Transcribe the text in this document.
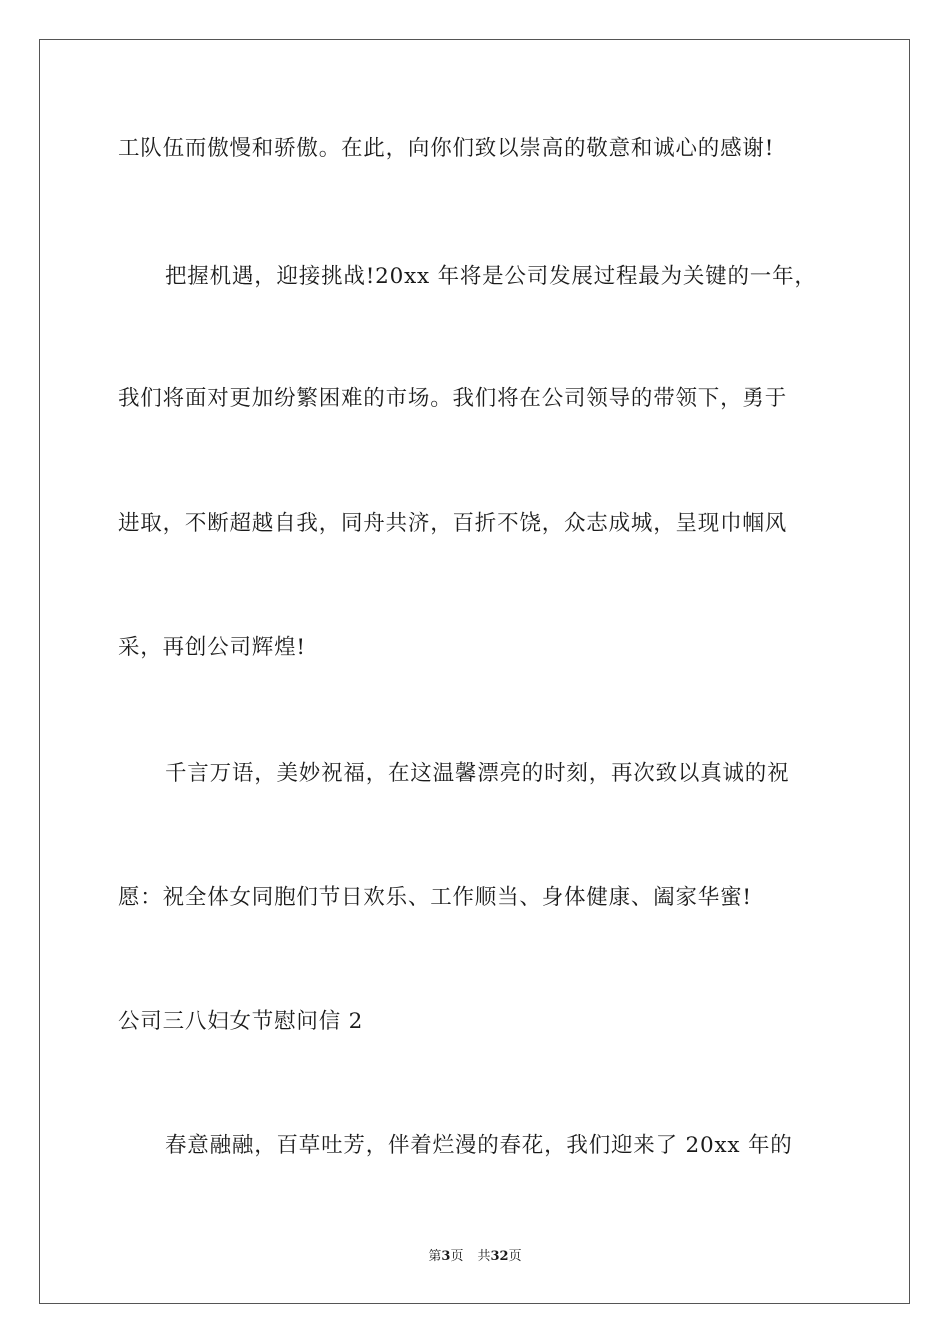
工队伍而傲慢和骄傲。在此，向你们致以崇高的敬意和诚心的感谢!
把握机遇，迎接挑战!20xx 年将是公司发展过程最为关键的一年，
我们将面对更加纷繁困难的市场。我们将在公司领导的带领下，勇于
进取，不断超越自我，同舟共济，百折不饶，众志成城，呈现巾帼风
采，再创公司辉煌!
千言万语，美妙祝福，在这温馨漂亮的时刻，再次致以真诚的祝
愿：祝全体女同胞们节日欢乐、工作顺当、身体健康、阖家华蜜!
公司三八妇女节慰问信 2
春意融融，百草吐芳，伴着烂漫的春花，我们迎来了 20xx 年的
第3页 共32页
